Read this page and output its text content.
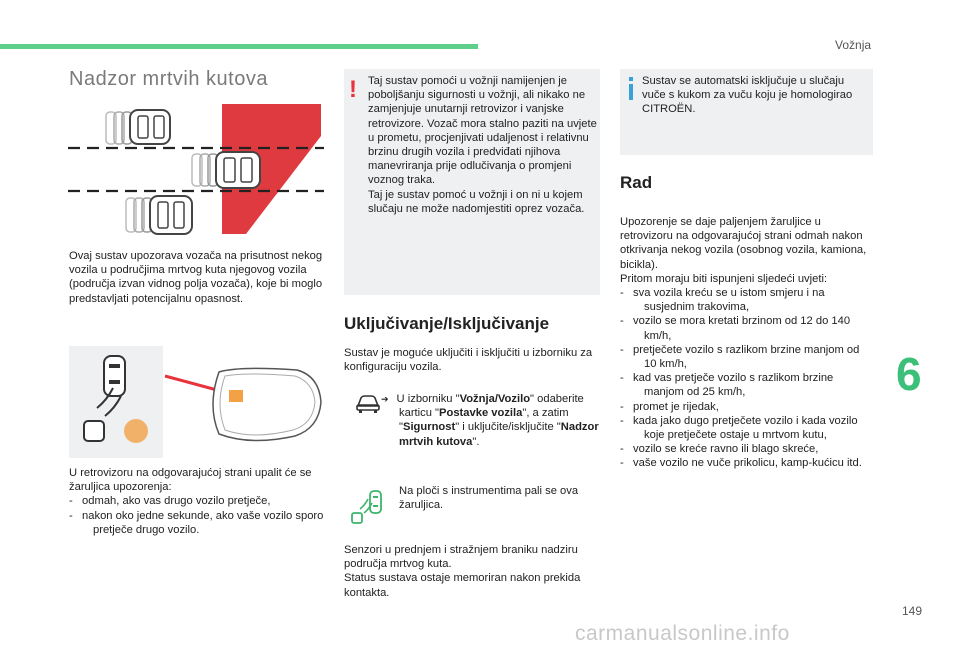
Vožnja
Nadzor mrtvih kutova
Ovaj sustav upozorava vozača na prisutnost nekog vozila u područjima mrtvog kuta njegovog vozila (područja izvan vidnog polja vozača), koje bi moglo predstavljati potencijalnu opasnost.
U retrovizoru na odgovarajućoj strani upalit će se žaruljica upozorenja:
-   odmah, ako vas drugo vozilo pretječe,
-   nakon oko jedne sekunde, ako vaše vozilo sporo pretječe drugo vozilo.
! Taj sustav pomoći u vožnji namijenjen je poboljšanju sigurnosti u vožnji, ali nikako ne zamjenjuje unutarnji retrovizor i vanjske retrovizore. Vozač mora stalno paziti na uvjete u prometu, procjenjivati udaljenost i relativnu brzinu drugih vozila i predviđati njihova manevriranja prije odlučivanja o promjeni voznog traka.
Taj je sustav pomoć u vožnji i on ni u kojem slučaju ne može nadomjestiti oprez vozača.
Uključivanje/Isključivanje
Sustav je moguće uključiti i isključiti u izborniku za konfiguraciju vozila.
➔ U izborniku "Vožnja/Vozilo" odaberite karticu "Postavke vozila", a zatim "Sigurnost" i uključite/isključite "Nadzor mrtvih kutova".
Na ploči s instrumentima pali se ova žaruljica.
Senzori u prednjem i stražnjem braniku nadziru područja mrtvog kuta.
Status sustava ostaje memoriran nakon prekida kontakta.
Sustav se automatski isključuje u slučaju vuče s kukom za vuču koju je homologirao CITROËN.
Rad
Upozorenje se daje paljenjem žaruljice u retrovizoru na odgovarajućoj strani odmah nakon otkrivanja nekog vozila (osobnog vozila, kamiona, bicikla).
Pritom moraju biti ispunjeni sljedeći uvjeti:
-   sva vozila kreću se u istom smjeru i na susjednim trakovima,
-   vozilo se mora kretati brzinom od 12 do 140 km/h,
-   pretječete vozilo s razlikom brzine manjom od 10 km/h,
-   kad vas pretječe vozilo s razlikom brzine manjom od 25 km/h,
-   promet je rijedak,
-   kada jako dugo pretječete vozilo i kada vozilo koje pretječete ostaje u mrtvom kutu,
-   vozilo se kreće ravno ili blago skreće,
-   vaše vozilo ne vuče prikolicu, kamp-kućicu itd.
6
149
carmanualsonline.info
